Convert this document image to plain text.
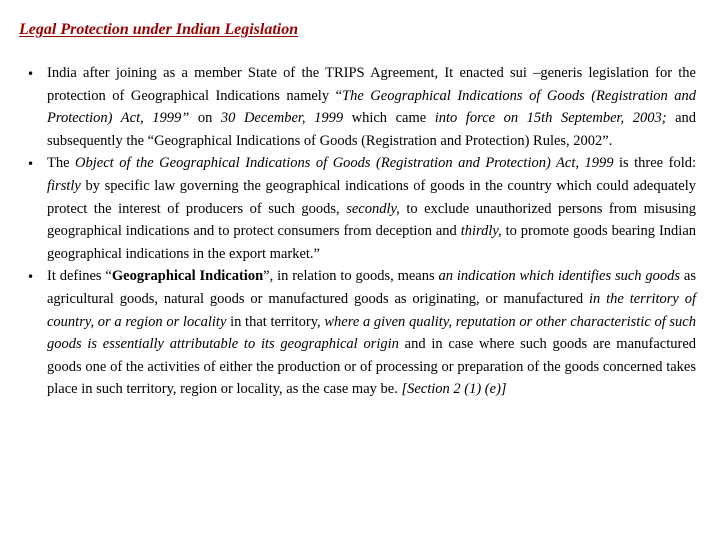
Legal Protection under Indian Legislation
• India after joining as a member State of the TRIPS Agreement, It enacted sui –generis legislation for the protection of Geographical Indications namely “The Geographical Indications of Goods (Registration and Protection) Act, 1999” on 30 December, 1999 which came into force on 15th September, 2003; and subsequently the “Geographical Indications of Goods (Registration and Protection) Rules, 2002”.
• The Object of the Geographical Indications of Goods (Registration and Protection) Act, 1999 is three fold: firstly by specific law governing the geographical indications of goods in the country which could adequately protect the interest of producers of such goods, secondly, to exclude unauthorized persons from misusing geographical indications and to protect consumers from deception and thirdly, to promote goods bearing Indian geographical indications in the export market.”
• It defines “Geographical Indication”, in relation to goods, means an indication which identifies such goods as agricultural goods, natural goods or manufactured goods as originating, or manufactured in the territory of country, or a region or locality in that territory, where a given quality, reputation or other characteristic of such goods is essentially attributable to its geographical origin and in case where such goods are manufactured goods one of the activities of either the production or of processing or preparation of the goods concerned takes place in such territory, region or locality, as the case may be. [Section 2 (1) (e)]
